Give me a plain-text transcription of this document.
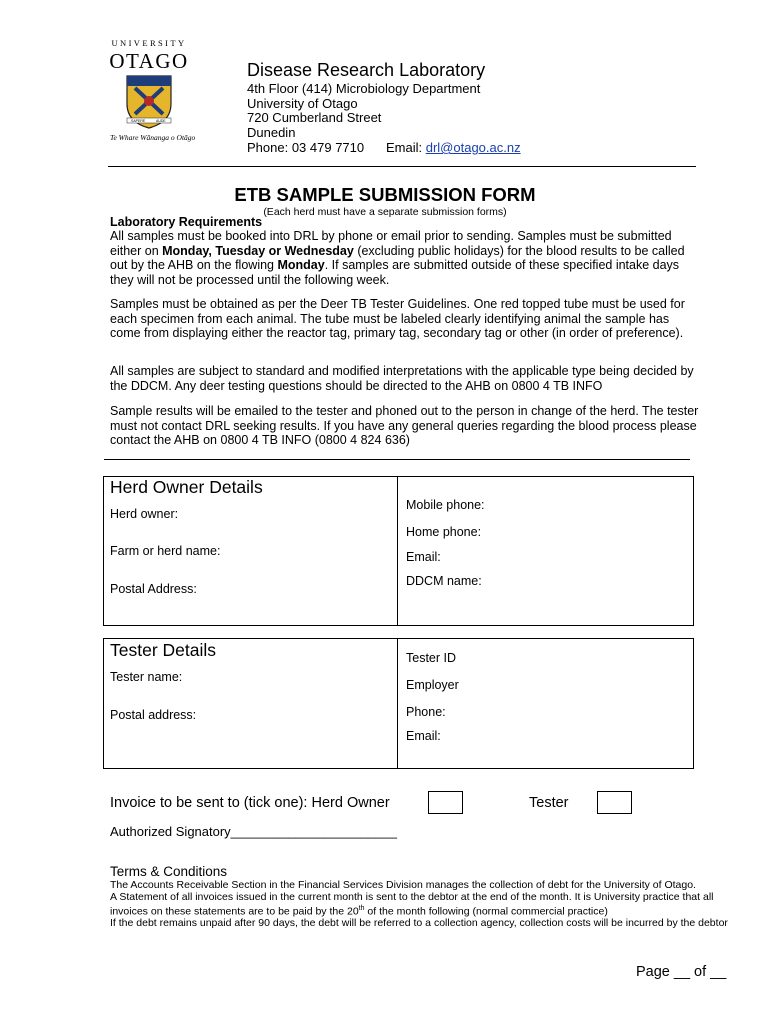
UNIVERSITY
OTAGO
SAPERE	AUDE
Te Whare Wānanga o Otāgo
Disease Research Laboratory
4th Floor (414) Microbiology Department
University of Otago
720 Cumberland Street
Dunedin
Phone: 03 479 7710 Email: drl@otago.ac.nz
ETB SAMPLE SUBMISSION FORM
(Each herd must have a separate submission forms)
Laboratory Requirements
All samples must be booked into DRL by phone or email prior to sending. Samples must be submitted either on Monday, Tuesday or Wednesday (excluding public holidays) for the blood results to be called out by the AHB on the flowing Monday. If samples are submitted outside of these specified intake days they will not be processed until the following week.
Samples must be obtained as per the Deer TB Tester Guidelines. One red topped tube must be used for each specimen from each animal. The tube must be labeled clearly identifying animal the sample has come from displaying either the reactor tag, primary tag, secondary tag or other (in order of preference).
All samples are subject to standard and modified interpretations with the applicable type being decided by the DDCM. Any deer testing questions should be directed to the AHB on 0800 4 TB INFO
Sample results will be emailed to the tester and phoned out to the person in change of the herd. The tester must not contact DRL seeking results. If you have any general queries regarding the blood process please contact the AHB on 0800 4 TB INFO (0800 4 824 636)
Herd Owner Details
Herd owner:
Farm or herd name:
Postal Address:
Mobile phone:
Home phone:
Email:
DDCM name:
Tester Details
Tester name:
Postal address:
Tester ID
Employer
Phone:
Email:
Invoice to be sent to (tick one): Herd Owner	Tester
Authorized Signatory_______________________
Terms & Conditions
The Accounts Receivable Section in the Financial Services Division manages the collection of debt for the University of Otago.
A Statement of all invoices issued in the current month is sent to the debtor at the end of the month. It is University practice that all invoices on these statements are to be paid by the 20th of the month following (normal commercial practice)
If the debt remains unpaid after 90 days, the debt will be referred to a collection agency, collection costs will be incurred by the debtor
Page __ of __
